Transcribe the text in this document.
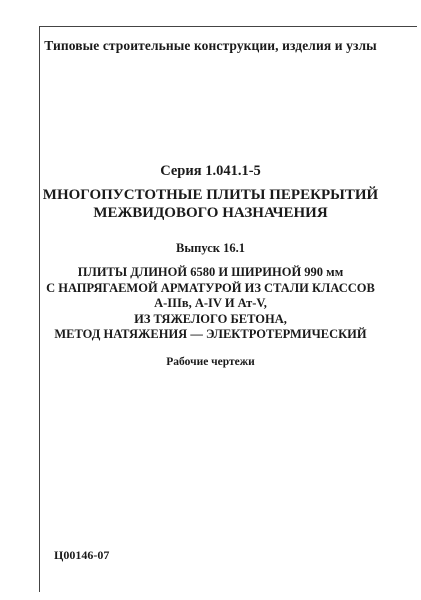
Типовые строительные конструкции, изделия и узлы
Серия 1.041.1-5
МНОГОПУСТОТНЫЕ ПЛИТЫ ПЕРЕКРЫТИЙ
МЕЖВИДОВОГО НАЗНАЧЕНИЯ
Выпуск 16.1
ПЛИТЫ ДЛИНОЙ 6580 И ШИРИНОЙ 990 мм
С НАПРЯГАЕМОЙ АРМАТУРОЙ ИЗ СТАЛИ КЛАССОВ
А-IIIв, А-IV И Ат-V,
ИЗ ТЯЖЕЛОГО БЕТОНА,
МЕТОД НАТЯЖЕНИЯ — ЭЛЕКТРОТЕРМИЧЕСКИЙ
Рабочие чертежи
Ц00146-07
